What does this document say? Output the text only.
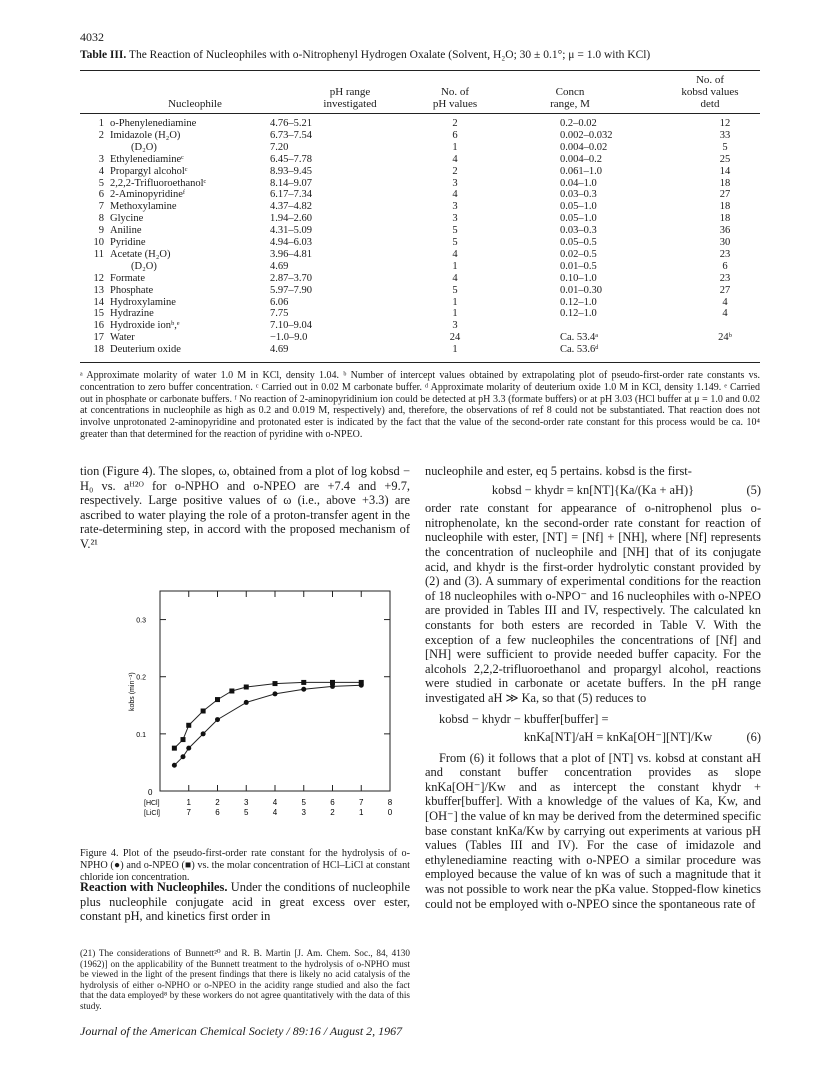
4032
Table III. The Reaction of Nucleophiles with o-Nitrophenyl Hydrogen Oxalate (Solvent, H₂O; 30 ± 0.1°; μ = 1.0 with KCl)
Nucleophile
pH range
investigated
No. of
pH values
Concn
range, M
No. of
kobsd values
detd
1 o-Phenylenediamine	4.76–5.21	2	0.2–0.02	12
2 Imidazole (H₂O)	6.73–7.54	6	0.002–0.032	33
(D₂O)	7.20	1	0.004–0.02	5
3 Ethylenediamineᶜ	6.45–7.78	4	0.004–0.2	25
4 Propargyl alcoholᶜ	8.93–9.45	2	0.061–1.0	14
5 2,2,2-Trifluoroethanolᶜ	8.14–9.07	3	0.04–1.0	18
6 2-Aminopyridineᶠ	6.17–7.34	4	0.03–0.3	27
7 Methoxylamine	4.37–4.82	3	0.05–1.0	18
8 Glycine	1.94–2.60	3	0.05–1.0	18
9 Aniline	4.31–5.09	5	0.03–0.3	36
10 Pyridine	4.94–6.03	5	0.05–0.5	30
11 Acetate (H₂O)	3.96–4.81	4	0.02–0.5	23
(D₂O)	4.69	1	0.01–0.5	6
12 Formate	2.87–3.70	4	0.10–1.0	23
13 Phosphate	5.97–7.90	5	0.01–0.30	27
14 Hydroxylamine	6.06	1	0.12–1.0	4
15 Hydrazine	7.75	1	0.12–1.0	4
16 Hydroxide ionᵇ,ᵉ	7.10–9.04	3
17 Water	−1.0–9.0	24	Ca. 53.4ᵃ	24ᵇ
18 Deuterium oxide	4.69	1	Ca. 53.6ᵈ
ᵃ Approximate molarity of water 1.0 M in KCl, density 1.04. ᵇ Number of intercept values obtained by extrapolating plot of pseudo-first-order rate constants vs. concentration to zero buffer concentration. ᶜ Carried out in 0.02 M carbonate buffer. ᵈ Approximate molarity of deuterium oxide 1.0 M in KCl, density 1.149. ᵉ Carried out in phosphate or carbonate buffers. ᶠ No reaction of 2-aminopyridinium ion could be detected at pH 3.3 (formate buffers) or at pH 3.03 (HCl buffer at μ = 1.0 and 0.02 at concentrations in nucleophile as high as 0.2 and 0.019 M, respectively) and, therefore, the observations of ref 8 could not be substantiated. That reaction does not involve unprotonated 2-aminopyridine and protonated ester is indicated by the fact that the value of the second-order rate constant for this process would be ca. 10⁴ greater than that determined for the reaction of pyridine with o-NPEO.
tion (Figure 4). The slopes, ω, obtained from a plot of log kobsd − H₀ vs. aᴴ²ᴼ for o-NPHO and o-NPEO are +7.4 and +9.7, respectively. Large positive values of ω (i.e., above +3.3) are ascribed to water playing the role of a proton-transfer agent in the rate-determining step, in accord with the proposed mechanism of V.²¹
0.1
0.2
0.3
0
kobs (min⁻¹)
[HCl]
[LiCl]
1	2	3	4	5	6	7	8
7	6	5	4	3	2	1	0
Figure 4. Plot of the pseudo-first-order rate constant for the hydrolysis of o-NPHO (●) and o-NPEO (■) vs. the molar concentration of HCl–LiCl at constant chloride ion concentration.
Reaction with Nucleophiles. Under the conditions of nucleophile plus nucleophile conjugate acid in great excess over ester, constant pH, and kinetics first order in
(21) The considerations of Bunnett²⁰ and R. B. Martin [J. Am. Chem. Soc., 84, 4130 (1962)] on the applicability of the Bunnett treatment to the hydrolysis of o-NPHO must be viewed in the light of the present findings that there is likely no acid catalysis of the hydrolysis of either o-NPHO or o-NPEO in the acidity range studied and also the fact that the data employed⁸ by these workers do not agree quantitatively with the data of this study.
nucleophile and ester, eq 5 pertains. kobsd is the first-
kobsd − khydr = kn[NT]{Ka/(Ka + aH)}	(5)
order rate constant for appearance of o-nitrophenol plus o-nitrophenolate, kn the second-order rate constant for reaction of nucleophile with ester, [NT] = [Nf] + [NH], where [Nf] represents the concentration of nucleophile and [NH] that of its conjugate acid, and khydr is the first-order hydrolytic constant provided by (2) and (3). A summary of experimental conditions for the reaction of 18 nucleophiles with o-NPO⁻ and 16 nucleophiles with o-NPEO are provided in Tables III and IV, respectively. The calculated kn constants for both esters are recorded in Table V. With the exception of a few nucleophiles the concentrations of [Nf] and [NH] were sufficient to provide needed buffer capacity. For the alcohols 2,2,2-trifluoroethanol and propargyl alcohol, reactions were studied in carbonate or acetate buffers. In the pH range investigated aH ≫ Ka, so that (5) reduces to
kobsd − khydr − kbuffer[buffer] =
knKa[NT]/aH = knKa[OH⁻][NT]/Kw	(6)
From (6) it follows that a plot of [NT] vs. kobsd at constant aH and constant buffer concentration provides as slope knKa[OH⁻]/Kw and as intercept the constant khydr + kbuffer[buffer]. With a knowledge of the values of Ka, Kw, and [OH⁻] the value of kn may be derived from the determined specific base constant knKa/Kw by carrying out experiments at various pH values (Tables III and IV). For the case of imidazole and ethylenediamine reacting with o-NPEO a similar procedure was employed because the value of kn was of such a magnitude that it was not possible to work near the pKa value. Stopped-flow kinetics could not be employed with o-NPEO since the spontaneous rate of
Journal of the American Chemical Society / 89:16 / August 2, 1967
